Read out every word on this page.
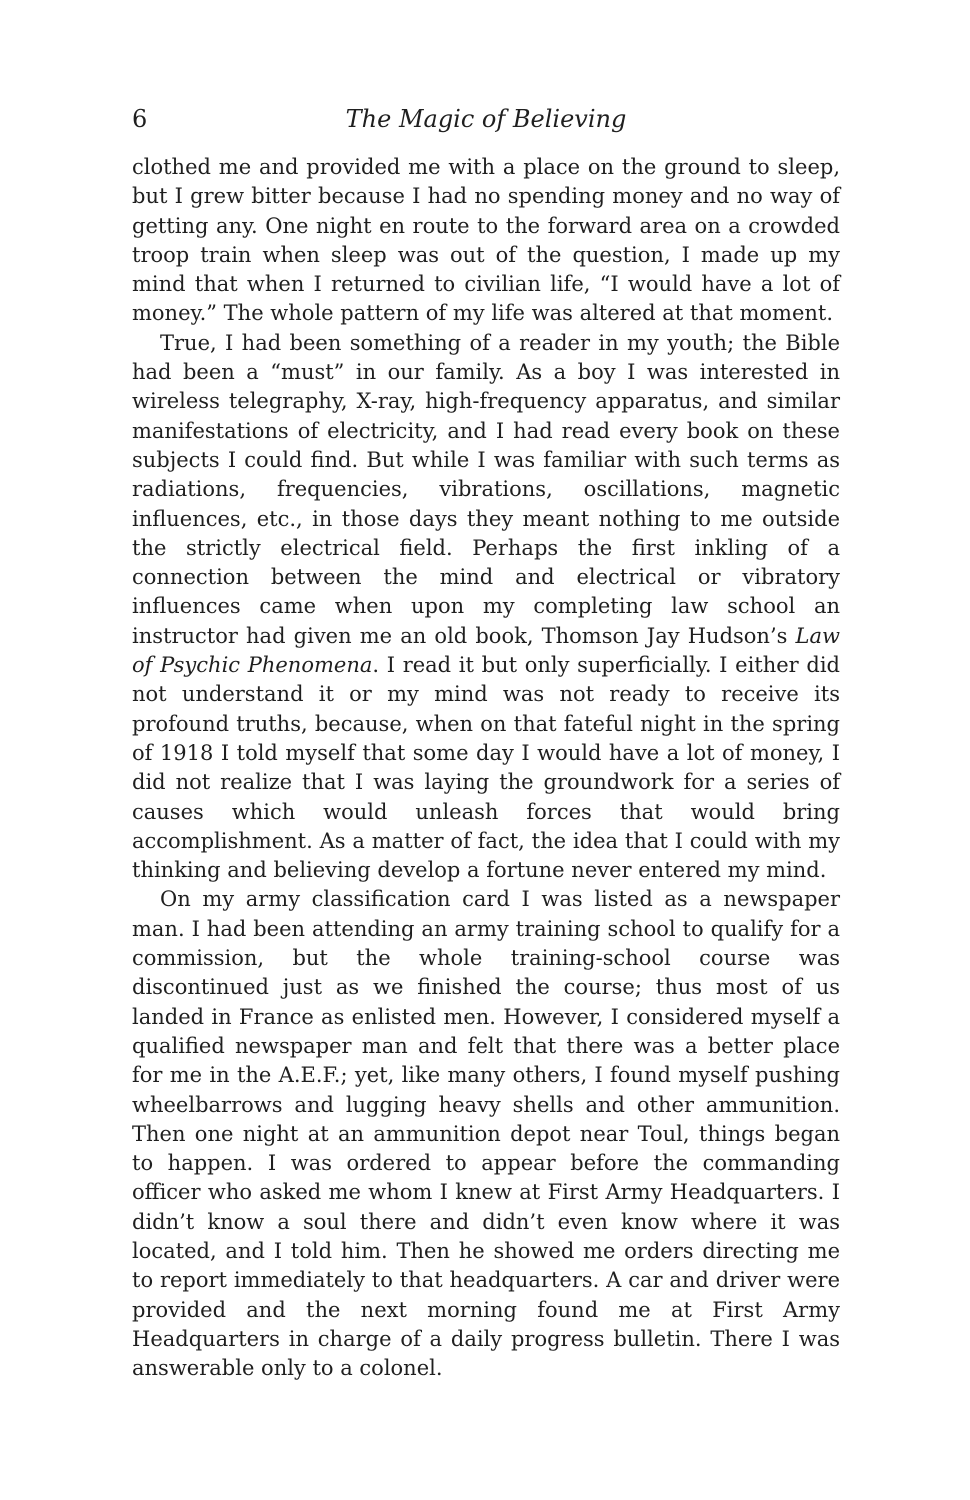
6	The Magic of Believing

clothed me and provided me with a place on the ground to sleep, but I grew bitter because I had no spending money and no way of getting any. One night en route to the forward area on a crowded troop train when sleep was out of the question, I made up my mind that when I returned to civilian life, “I would have a lot of money.” The whole pattern of my life was altered at that moment.

True, I had been something of a reader in my youth; the Bible had been a “must” in our family. As a boy I was interested in wireless telegraphy, X-ray, high-frequency apparatus, and similar manifestations of electricity, and I had read every book on these subjects I could find. But while I was familiar with such terms as radiations, frequencies, vibrations, oscillations, magnetic influences, etc., in those days they meant nothing to me outside the strictly electrical field. Perhaps the first inkling of a connection between the mind and electrical or vibratory influences came when upon my completing law school an instructor had given me an old book, Thomson Jay Hudson’s Law of Psychic Phenomena. I read it but only superficially. I either did not understand it or my mind was not ready to receive its profound truths, because, when on that fateful night in the spring of 1918 I told myself that some day I would have a lot of money, I did not realize that I was laying the groundwork for a series of causes which would unleash forces that would bring accomplishment. As a matter of fact, the idea that I could with my thinking and believing develop a fortune never entered my mind.

On my army classification card I was listed as a newspaper man. I had been attending an army training school to qualify for a commission, but the whole training-school course was discontinued just as we finished the course; thus most of us landed in France as enlisted men. However, I considered myself a qualified newspaper man and felt that there was a better place for me in the A.E.F.; yet, like many others, I found myself pushing wheelbarrows and lugging heavy shells and other ammunition. Then one night at an ammunition depot near Toul, things began to happen. I was ordered to appear before the commanding officer who asked me whom I knew at First Army Headquarters. I didn’t know a soul there and didn’t even know where it was located, and I told him. Then he showed me orders directing me to report immediately to that headquarters. A car and driver were provided and the next morning found me at First Army Headquarters in charge of a daily progress bulletin. There I was answerable only to a colonel.
